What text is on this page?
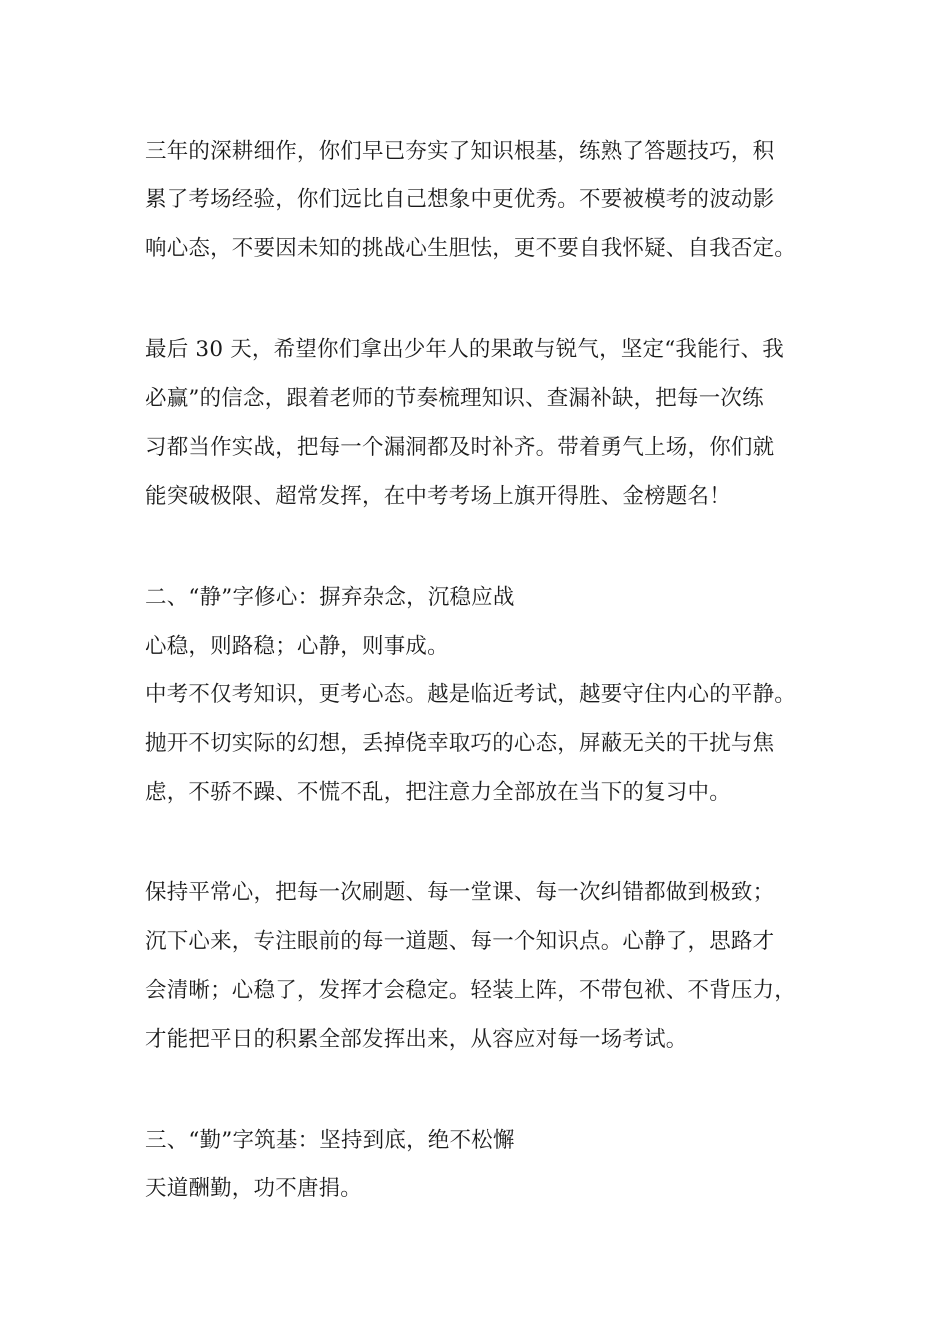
三年的深耕细作，你们早已夯实了知识根基，练熟了答题技巧，积
累了考场经验，你们远比自己想象中更优秀。不要被模考的波动影
响心态，不要因未知的挑战心生胆怯，更不要自我怀疑、自我否定。
最后 30 天，希望你们拿出少年人的果敢与锐气，坚定“我能行、我
必赢”的信念，跟着老师的节奏梳理知识、查漏补缺，把每一次练
习都当作实战，把每一个漏洞都及时补齐。带着勇气上场，你们就
能突破极限、超常发挥，在中考考场上旗开得胜、金榜题名！
二、“静”字修心：摒弃杂念，沉稳应战
心稳，则路稳；心静，则事成。
中考不仅考知识，更考心态。越是临近考试，越要守住内心的平静。
抛开不切实际的幻想，丢掉侥幸取巧的心态，屏蔽无关的干扰与焦
虑，不骄不躁、不慌不乱，把注意力全部放在当下的复习中。
保持平常心，把每一次刷题、每一堂课、每一次纠错都做到极致；
沉下心来，专注眼前的每一道题、每一个知识点。心静了，思路才
会清晰；心稳了，发挥才会稳定。轻装上阵，不带包袱、不背压力，
才能把平日的积累全部发挥出来，从容应对每一场考试。
三、“勤”字筑基：坚持到底，绝不松懈
天道酬勤，功不唐捐。
